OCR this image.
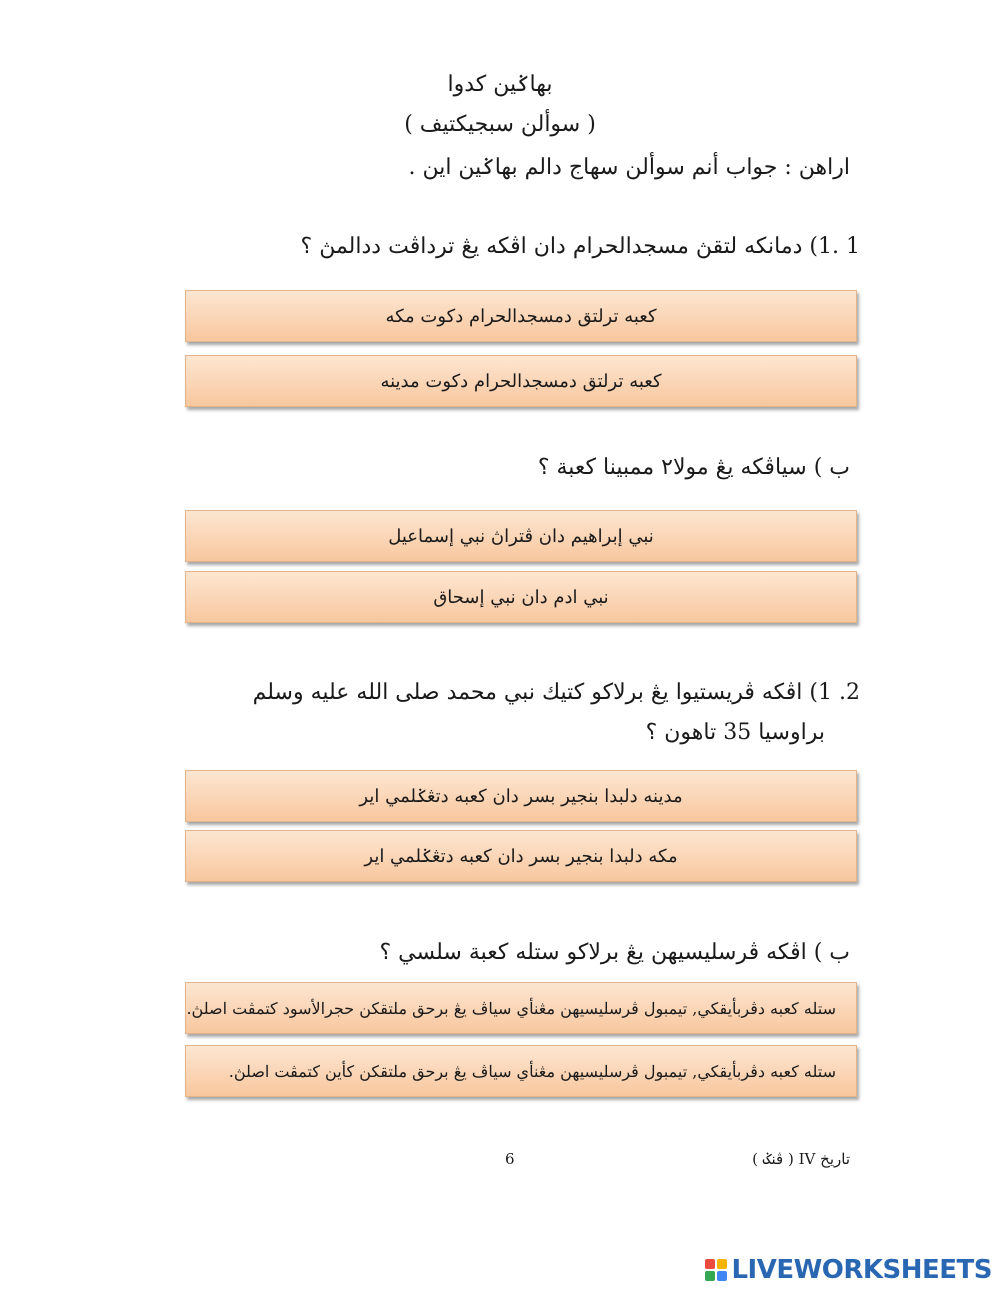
بهاݢين كدوا
( سوألن سبجيکتيف )
اراهن : جواب أنم سوألن سهاج دالم بهاݢين اين .
1 .1) دمانکه لتقڽ مسجدالحرام دان اڤکه يڠ ترداڤت ددالمڽ ؟
كعبه ترلتق دمسجدالحرام دکوت مكه
كعبه ترلتق دمسجدالحرام دکوت مدينه
ب ) سياڤكه يڠ مولا٢ ممبينا كعبة ؟
نبي إبراهيم دان ڤتراڽ نبي إسماعيل
نبي ادم دان نبي إسحاق
2. 1) اڤكه ڤريستيوا يڠ برلاكو كتيك نبي محمد صلى الله عليه وسلم
براوسيا 35 تاهون ؟
مدينه دلبدا بنجير بسر دان كعبه دتڠݢلمي اير
مكه دلبدا بنجير بسر دان كعبه دتڠݢلمي اير
ب ) اڤكه ڤرسليسيهن يڠ برلاكو ستله كعبة سلسي ؟
ستله كعبه دڤربأيقكي, تيمبول ڤرسليسيهن مڠنأي سياڤ يڠ برحق ملتقكن حجرالأسود كتمڤت اصلڽ.
ستله كعبه دڤربأيقكي, تيمبول ڤرسليسيهن مڠنأي سياڤ يڠ برحق ملتقكن كأين كتمڤت اصلڽ.
6	تاريخ IV ( ڤنݢ )
LIVEWORKSHEETS
